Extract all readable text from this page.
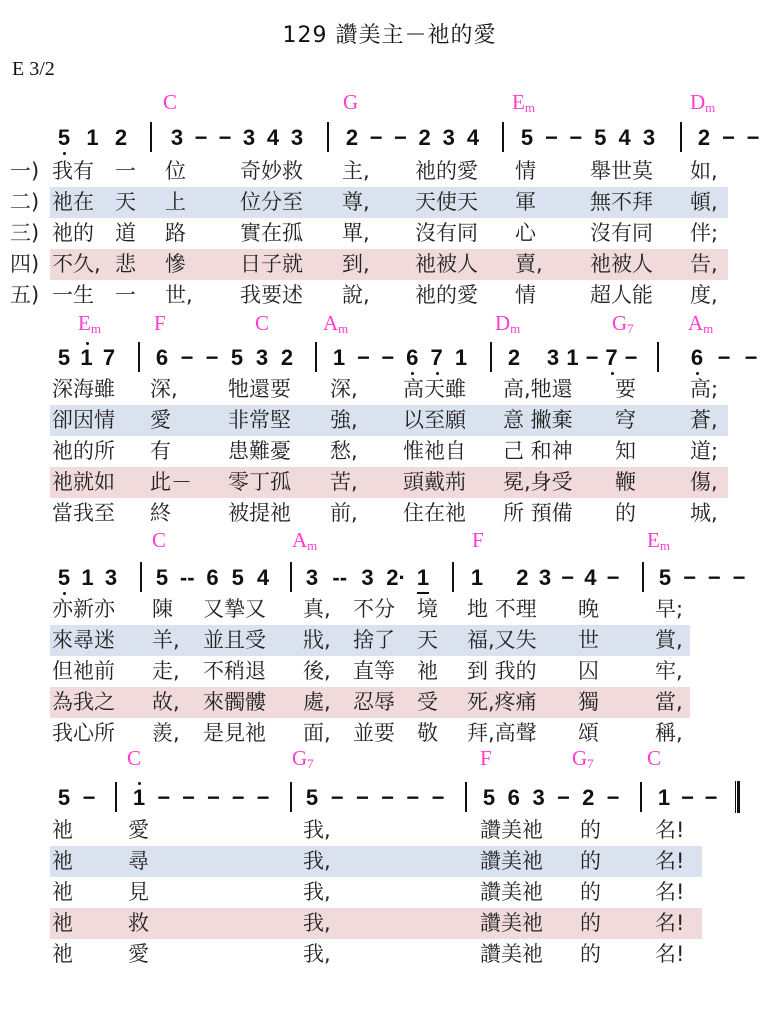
129 讚美主－祂的愛
E 3/2
C	G	$E_m$	$D_m$
5 1 2 3 − − 3 4 3 2 − − 2 3 4 5 − − 5 4 3 2 − −
一) 我有 一 位	奇妙救 主, 祂的愛 情	舉世莫 如,
二) 祂在 天 上	位分至 尊, 天使天 軍	無不拜 頓,
三) 祂的 道 路	實在孤 單, 沒有同 心	沒有同 伴;
四) 不久, 悲 慘	日子就 到, 祂被人 賣, 祂被人 告,
五) 一生 一 世, 我要述 說, 祂的愛 情	超人能 度,
$E_m$	F	C	$A_m$	$D_m$	$G_7$	$A_m$
5 1 7 6 − − 5 3 2 1 − − 6 7 1 2 3 1 − 7 − 6 − −
深海雖 深, 牠還要 深, 高天雖 高,牠還 要	高;
卻因情 愛	非常堅 強, 以至願 意 撇棄 穹	蒼,
祂的所 有	患難憂 愁, 惟祂自 己 和神 知	道;
祂就如 此－ 零丁孤 苦, 頭戴荊 冕,身受 鞭	傷,
當我至 終	被提祂 前, 住在祂 所 預備 的	城,
C	$A_m$	F	$E_m$
5 1 3 5 -- 6 5 4 3 -- 3 2· 1 1 2 3 − 4 − 5 − − −
亦新亦 陳 又摯又 真, 不分 境 地 不理 晚	早;
來尋迷 羊, 並且受 戕, 捨了 天 福,又失 世	賞,
但祂前 走, 不稍退 後, 直等 祂 到 我的 囚	牢,
為我之 故, 來髑髏 處, 忍辱 受 死,疼痛 獨	當,
我心所 羨, 是見祂 面, 並要 敬 拜,高聲 頌	稱,
C	$G_7$	F	$G_7$	C
5 − 1 − − − − − 5 − − − − − 5 6 3 − 2 − 1 − −
祂	愛	我,	讚美祂 的	名!
祂	尋	我,	讚美祂 的	名!
祂	見	我,	讚美祂 的	名!
祂	救	我,	讚美祂 的	名!
祂	愛	我,	讚美祂 的	名!
